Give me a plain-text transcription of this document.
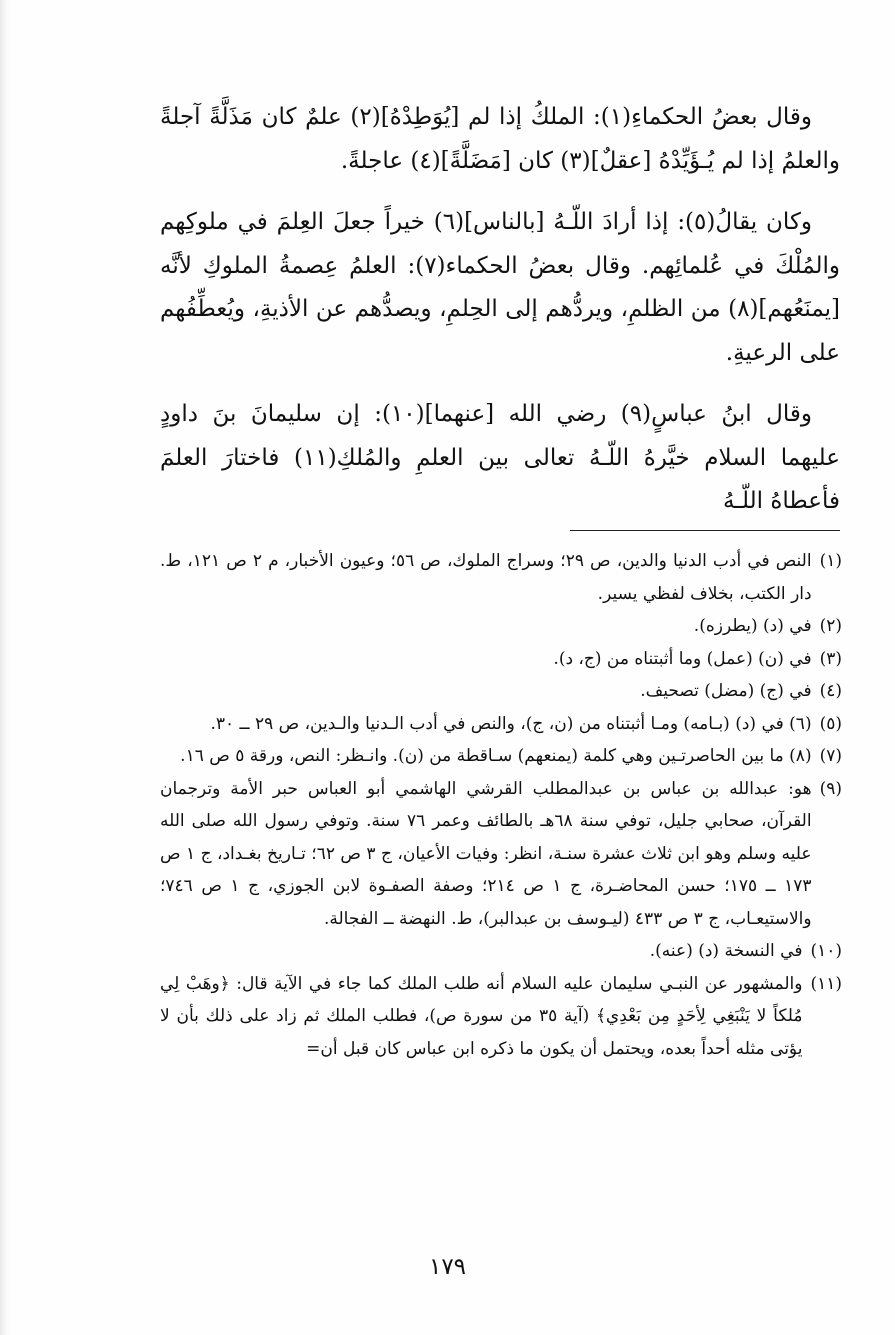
وقال بعضُ الحكماءِ(١): الملكُ إذا لم [يُوَطِدْهُ](٢) علمٌ كان مَذَلَّةً آجلةً والعلمُ إذا لم يُـؤَيِّدْهُ [عقلٌ](٣) كان [مَضَلَّةً](٤) عاجلةً.

وكان يقالُ(٥): إذا أرادَ اللّـهُ [بالناس](٦) خيراً جعلَ العِلمَ في ملوكِهم والمُلْكَ في عُلمائِهم. وقال بعضُ الحكماء(٧): العلمُ عِصمةُ الملوكِ لأنَّه [يمنَعُهم](٨) من الظلمِ، ويردُّهم إلى الحِلمِ، ويصدُّهم عن الأذيةِ، ويُعطِّفُهم على الرعيةِ.

وقال ابنُ عباسٍ(٩) رضي الله [عنهما](١٠): إن سليمانَ بنَ داودٍ عليهما السلام خيَّرهُ اللّـهُ تعالى بين العلمِ والمُلكِ(١١) فاختارَ العلمَ فأعطاهُ اللّـهُ

(١)
النص في أدب الدنيا والدين، ص ٢٩؛ وسراج الملوك، ص ٥٦؛ وعيون الأخبار، م ٢ ص ١٢١، ط. دار الكتب، بخلاف لفظي يسير.
(٢)
في (د) (يطرزه).
(٣)
في (ن) (عمل) وما أثبتناه من (ج، د).
(٤)
في (ج) (مضل) تصحيف.
(٥)
(٦) في (د) (بـامه) ومـا أثبتناه من (ن، ج)، والنص في أدب الـدنيا والـدين، ص ٢٩ ــ ٣٠.
(٧)
(٨) ما بين الحاصرتـين وهي كلمة (يمنعهم) سـاقطة من (ن). وانـظر: النص، ورقة ٥ ص ١٦.
(٩)
هو: عبدالله بن عباس بن عبدالمطلب القرشي الهاشمي أبو العباس حبر الأمة وترجمان القرآن، صحابي جليل، توفي سنة ٦٨هـ بالطائف وعمر ٧٦ سنة. وتوفي رسول الله صلى الله عليه وسلم وهو ابن ثلاث عشرة سنـة، انظر: وفيات الأعيان، ج ٣ ص ٦٢؛ تـاريخ بغـداد، ج ١ ص ١٧٣ ــ ١٧٥؛ حسن المحاضـرة، ج ١ ص ٢١٤؛ وصفة الصفـوة لابن الجوزي، ج ١ ص ٧٤٦؛ والاستيعـاب، ج ٣ ص ٤٣٣ (ليـوسف بن عبدالبر)، ط. النهضة ــ الفجالة.
(١٠)
في النسخة (د) (عنه).
(١١)
والمشهور عن النبـي سليمان عليه السلام أنه طلب الملك كما جاء في الآية قال: ﴿وهَبْ لِي مُلكاً لا يَنْبَغِي لِأحَدٍ مِن بَعْدِي﴾ (آية ٣٥ من سورة ص)، فطلب الملك ثم زاد على ذلك بأن لا يؤتى مثله أحداً بعده، ويحتمل أن يكون ما ذكره ابن عباس كان قبل أن=
١٧٩
